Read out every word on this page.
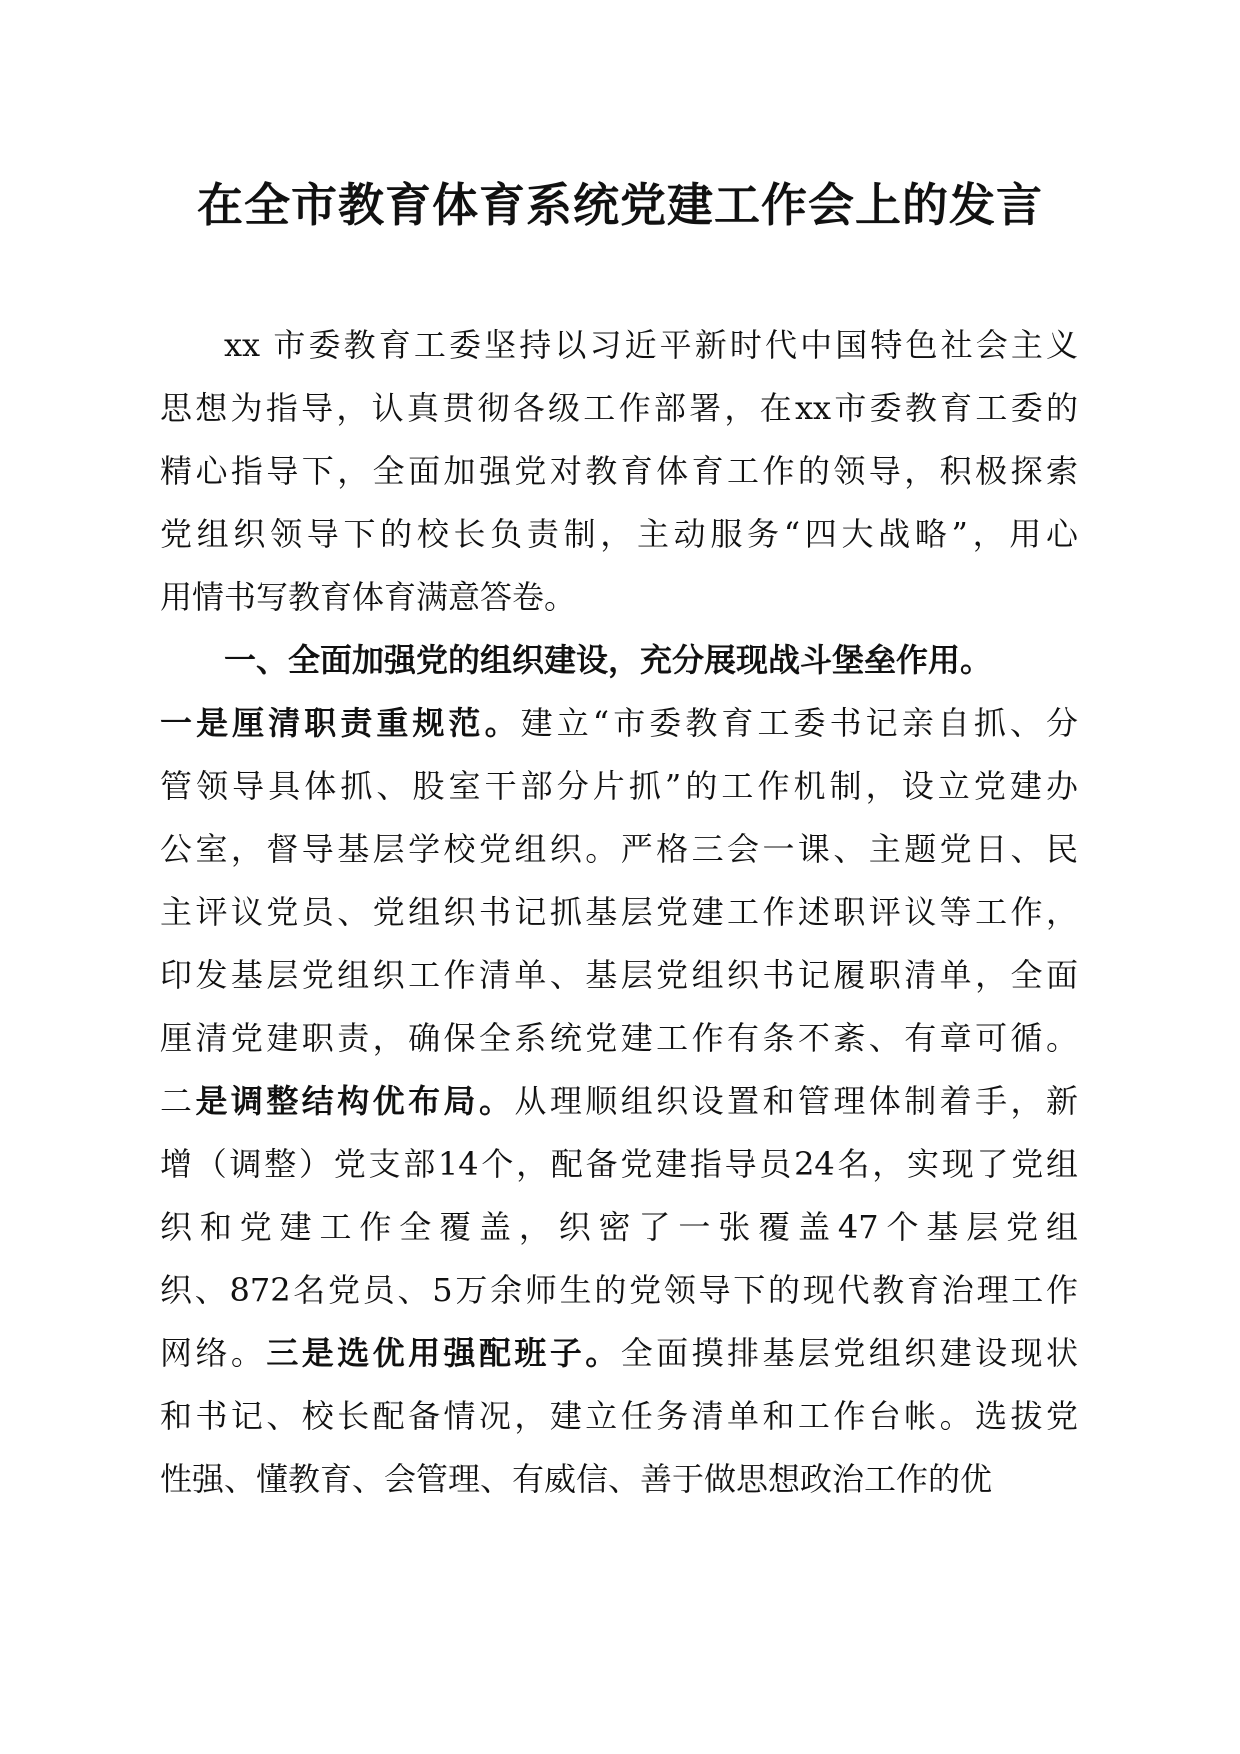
在全市教育体育系统党建工作会上的发言
xx 市委教育工委坚持以习近平新时代中国特色社会主义
思想为指导，认真贯彻各级工作部署，在xx市委教育工委的
精心指导下，全面加强党对教育体育工作的领导，积极探索
党组织领导下的校长负责制，主动服务“四大战略”，用心
用情书写教育体育满意答卷。
一、全面加强党的组织建设，充分展现战斗堡垒作用。
一是厘清职责重规范。建立“市委教育工委书记亲自抓、分
管领导具体抓、股室干部分片抓”的工作机制，设立党建办
公室，督导基层学校党组织。严格三会一课、主题党日、民
主评议党员、党组织书记抓基层党建工作述职评议等工作，
印发基层党组织工作清单、基层党组织书记履职清单，全面
厘清党建职责，确保全系统党建工作有条不紊、有章可循。
二是调整结构优布局。从理顺组织设置和管理体制着手，新
增（调整）党支部14个，配备党建指导员24名，实现了党组
织和党建工作全覆盖，织密了一张覆盖47个基层党组
织、872名党员、5万余师生的党领导下的现代教育治理工作
网络。三是选优用强配班子。全面摸排基层党组织建设现状
和书记、校长配备情况，建立任务清单和工作台帐。选拔党
性强、懂教育、会管理、有威信、善于做思想政治工作的优
